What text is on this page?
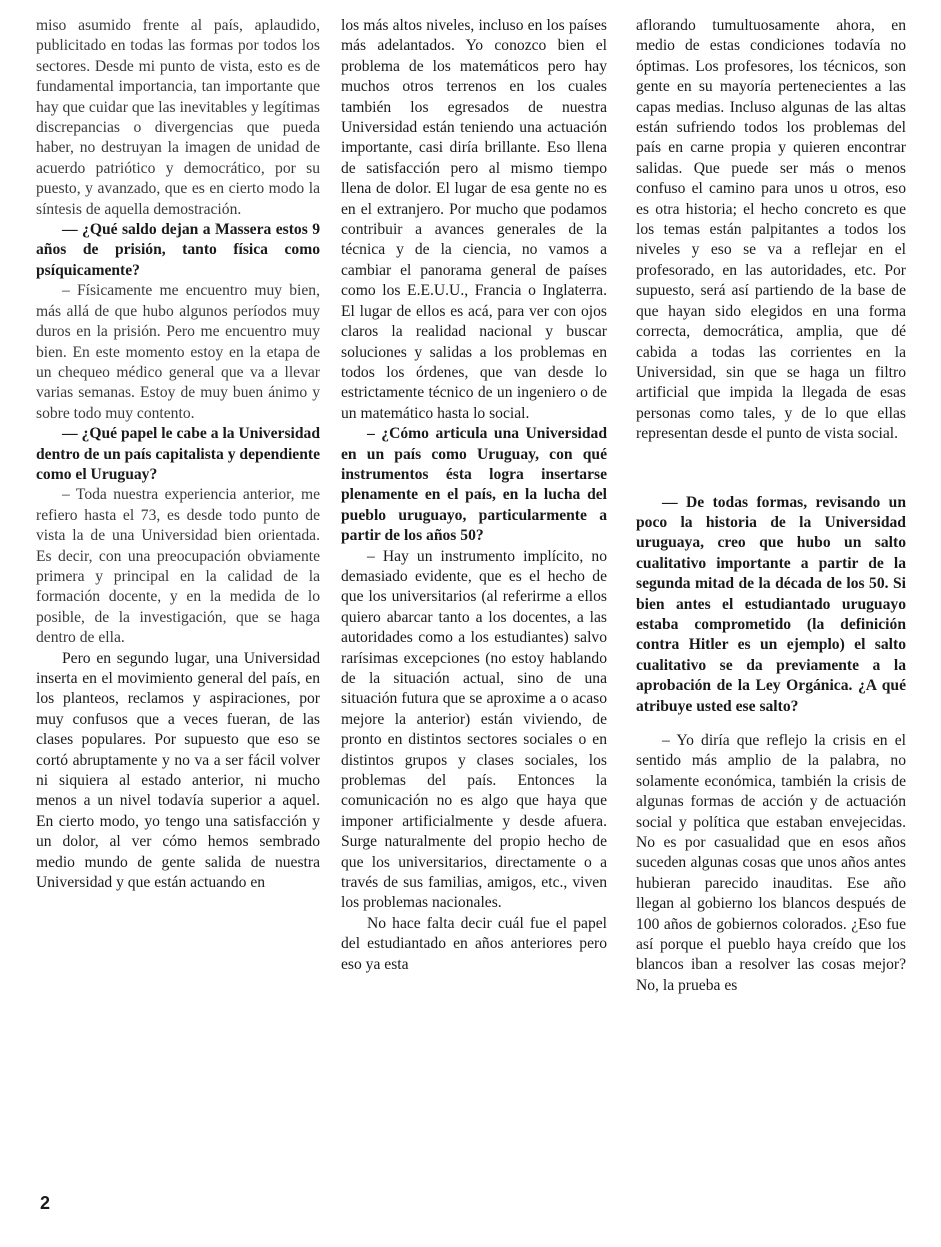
miso asumido frente al país, aplaudido, publicitado en todas las formas por todos los sectores. Desde mi punto de vista, esto es de fundamental importancia, tan importante que hay que cuidar que las inevitables y legítimas discrepancias o divergencias que pueda haber, no destruyan la imagen de unidad de acuerdo patriótico y democrático, por su puesto, y avanzado, que es en cierto modo la síntesis de aquella demostración.

— ¿Qué saldo dejan a Massera estos 9 años de prisión, tanto física como psíquicamente?

– Físicamente me encuentro muy bien, más allá de que hubo algunos períodos muy duros en la prisión. Pero me encuentro muy bien. En este momento estoy en la etapa de un chequeo médico general que va a llevar varias semanas. Estoy de muy buen ánimo y sobre todo muy contento.

— ¿Qué papel le cabe a la Universidad dentro de un país capitalista y dependiente como el Uruguay?

– Toda nuestra experiencia anterior, me refiero hasta el 73, es desde todo punto de vista la de una Universidad bien orientada. Es decir, con una preocupación obviamente primera y principal en la calidad de la formación docente, y en la medida de lo posible, de la investigación, que se haga dentro de ella.

Pero en segundo lugar, una Universidad inserta en el movimiento general del país, en los planteos, reclamos y aspiraciones, por muy confusos que a veces fueran, de las clases populares. Por supuesto que eso se cortó abruptamente y no va a ser fácil volver ni siquiera al estado anterior, ni mucho menos a un nivel todavía superior a aquel. En cierto modo, yo tengo una satisfacción y un dolor, al ver cómo hemos sembrado medio mundo de gente salida de nuestra Universidad y que están actuando en

los más altos niveles, incluso en los países más adelantados. Yo conozco bien el problema de los matemáticos pero hay muchos otros terrenos en los cuales también los egresados de nuestra Universidad están teniendo una actuación importante, casi diría brillante. Eso llena de satisfacción pero al mismo tiempo llena de dolor. El lugar de esa gente no es en el extranjero. Por mucho que podamos contribuir a avances generales de la técnica y de la ciencia, no vamos a cambiar el panorama general de países como los E.E.U.U., Francia o Inglaterra. El lugar de ellos es acá, para ver con ojos claros la realidad nacional y buscar soluciones y salidas a los problemas en todos los órdenes, que van desde lo estrictamente técnico de un ingeniero o de un matemático hasta lo social.

– ¿Cómo articula una Universidad en un país como Uruguay, con qué instrumentos ésta logra insertarse plenamente en el país, en la lucha del pueblo uruguayo, particularmente a partir de los años 50?

– Hay un instrumento implícito, no demasiado evidente, que es el hecho de que los universitarios (al referirme a ellos quiero abarcar tanto a los docentes, a las autoridades como a los estudiantes) salvo rarísimas excepciones (no estoy hablando de la situación actual, sino de una situación futura que se aproxime a o acaso mejore la anterior) están viviendo, de pronto en distintos sectores sociales o en distintos grupos y clases sociales, los problemas del país. Entonces la comunicación no es algo que haya que imponer artificialmente y desde afuera. Surge naturalmente del propio hecho de que los universitarios, directamente o a través de sus familias, amigos, etc., viven los problemas nacionales.

No hace falta decir cuál fue el papel del estudiantado en años anteriores pero eso ya esta

aflorando tumultuosamente ahora, en medio de estas condiciones todavía no óptimas. Los profesores, los técnicos, son gente en su mayoría pertenecientes a las capas medias. Incluso algunas de las altas están sufriendo todos los problemas del país en carne propia y quieren encontrar salidas. Que puede ser más o menos confuso el camino para unos u otros, eso es otra historia; el hecho concreto es que los temas están palpitantes a todos los niveles y eso se va a reflejar en el profesorado, en las autoridades, etc. Por supuesto, será así partiendo de la base de que hayan sido elegidos en una forma correcta, democrática, amplia, que dé cabida a todas las corrientes en la Universidad, sin que se haga un filtro artificial que impida la llegada de esas personas como tales, y de lo que ellas representan desde el punto de vista social.

— De todas formas, revisando un poco la historia de la Universidad uruguaya, creo que hubo un salto cualitativo importante a partir de la segunda mitad de la década de los 50. Si bien antes el estudiantado uruguayo estaba comprometido (la definición contra Hitler es un ejemplo) el salto cualitativo se da previamente a la aprobación de la Ley Orgánica. ¿A qué atribuye usted ese salto?

– Yo diría que reflejo la crisis en el sentido más amplio de la palabra, no solamente económica, también la crisis de algunas formas de acción y de actuación social y política que estaban envejecidas. No es por casualidad que en esos años suceden algunas cosas que unos años antes hubieran parecido inauditas. Ese año llegan al gobierno los blancos después de 100 años de gobiernos colorados. ¿Eso fue así porque el pueblo haya creído que los blancos iban a resolver las cosas mejor? No, la prueba es

2
